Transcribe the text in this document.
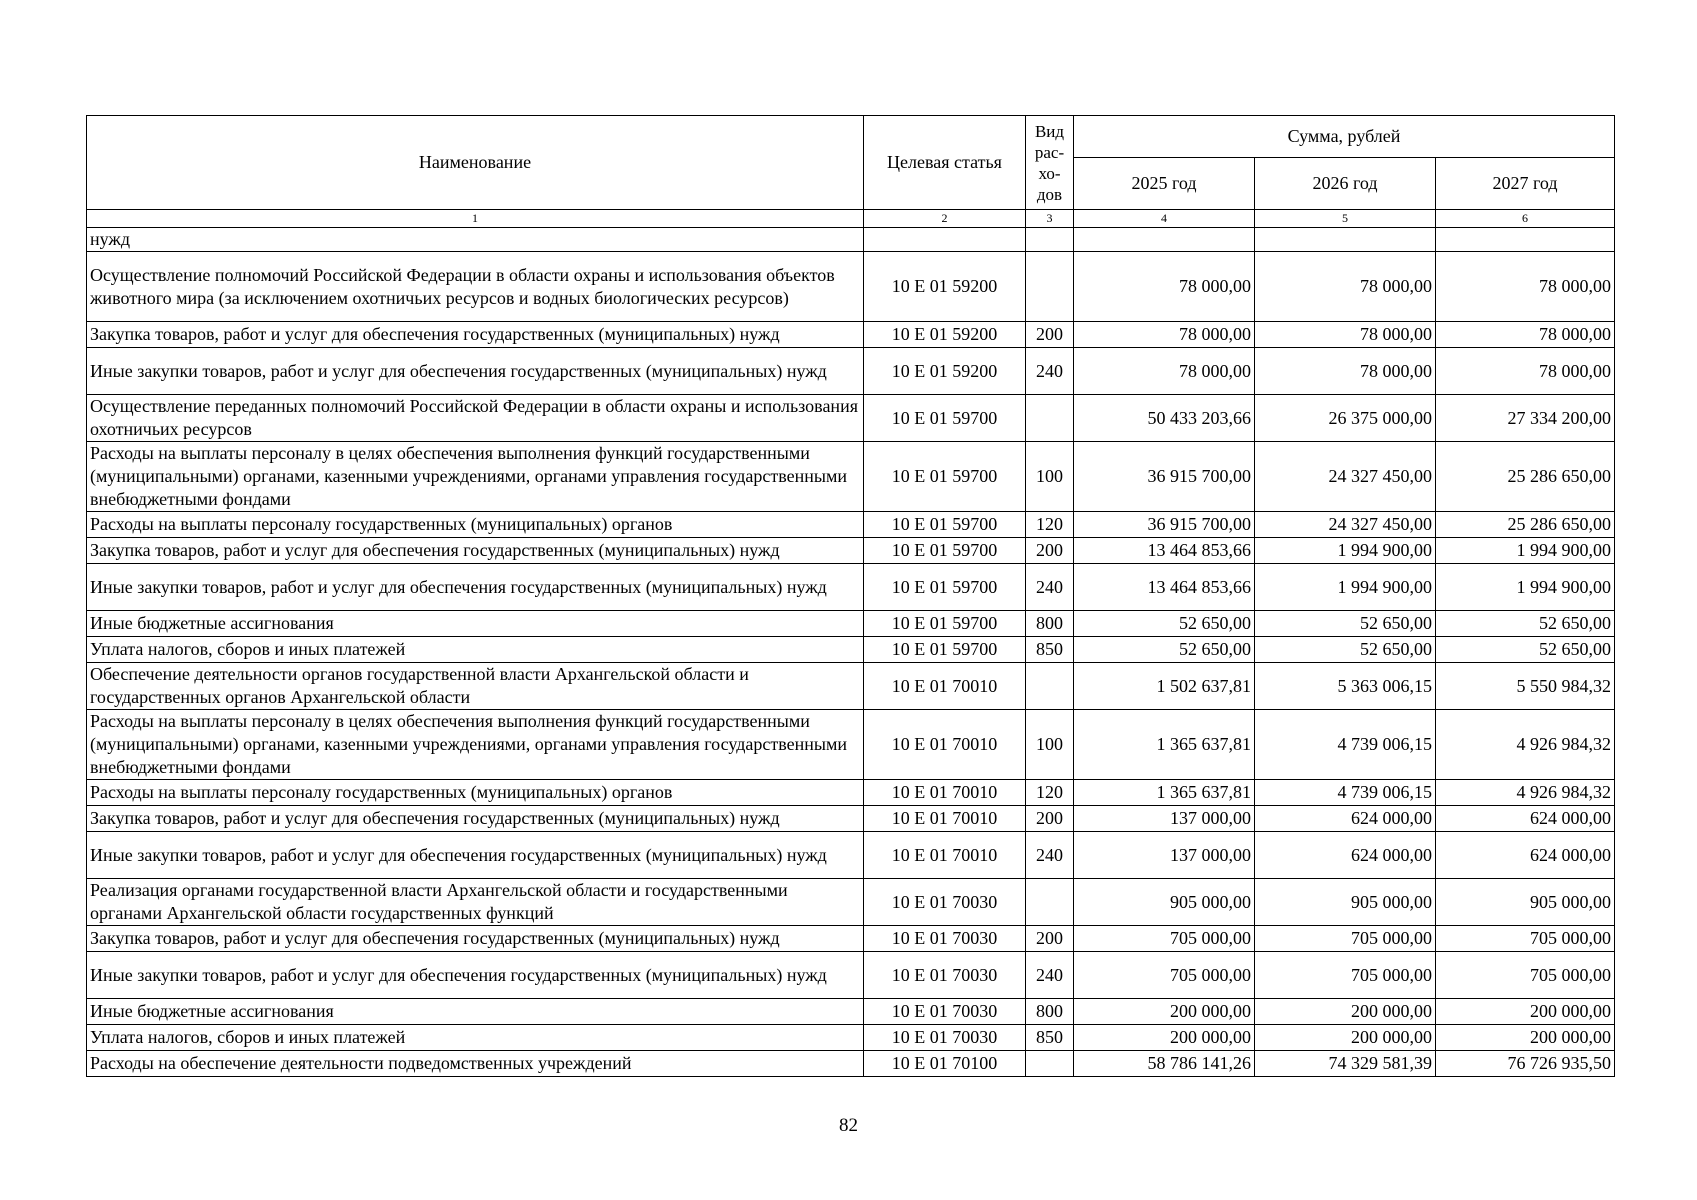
Наименование	Целевая статья	Вид рас-хо-дов	Сумма, рублей		
			2025 год	2026 год	2027 год
1	2	3	4	5	6
нужд					
Осуществление полномочий Российской Федерации в области охраны и использования объектов животного мира (за исключением охотничьих ресурсов и водных биологических ресурсов)	10 Е 01 59200		78 000,00	78 000,00	78 000,00
Закупка товаров, работ и услуг для обеспечения государственных (муниципальных) нужд	10 Е 01 59200	200	78 000,00	78 000,00	78 000,00
Иные закупки товаров, работ и услуг для обеспечения государственных (муниципальных) нужд	10 Е 01 59200	240	78 000,00	78 000,00	78 000,00
Осуществление переданных полномочий Российской Федерации в области охраны и использования охотничьих ресурсов	10 Е 01 59700		50 433 203,66	26 375 000,00	27 334 200,00
Расходы на выплаты персоналу в целях обеспечения выполнения функций государственными (муниципальными) органами, казенными учреждениями, органами управления государственными внебюджетными фондами	10 Е 01 59700	100	36 915 700,00	24 327 450,00	25 286 650,00
Расходы на выплаты персоналу государственных (муниципальных) органов	10 Е 01 59700	120	36 915 700,00	24 327 450,00	25 286 650,00
Закупка товаров, работ и услуг для обеспечения государственных (муниципальных) нужд	10 Е 01 59700	200	13 464 853,66	1 994 900,00	1 994 900,00
Иные закупки товаров, работ и услуг для обеспечения государственных (муниципальных) нужд	10 Е 01 59700	240	13 464 853,66	1 994 900,00	1 994 900,00
Иные бюджетные ассигнования	10 Е 01 59700	800	52 650,00	52 650,00	52 650,00
Уплата налогов, сборов и иных платежей	10 Е 01 59700	850	52 650,00	52 650,00	52 650,00
Обеспечение деятельности органов государственной власти Архангельской области и государственных органов Архангельской области	10 Е 01 70010		1 502 637,81	5 363 006,15	5 550 984,32
Расходы на выплаты персоналу в целях обеспечения выполнения функций государственными (муниципальными) органами, казенными учреждениями, органами управления государственными внебюджетными фондами	10 Е 01 70010	100	1 365 637,81	4 739 006,15	4 926 984,32
Расходы на выплаты персоналу государственных (муниципальных) органов	10 Е 01 70010	120	1 365 637,81	4 739 006,15	4 926 984,32
Закупка товаров, работ и услуг для обеспечения государственных (муниципальных) нужд	10 Е 01 70010	200	137 000,00	624 000,00	624 000,00
Иные закупки товаров, работ и услуг для обеспечения государственных (муниципальных) нужд	10 Е 01 70010	240	137 000,00	624 000,00	624 000,00
Реализация органами государственной власти Архангельской области и государственными органами Архангельской области государственных функций	10 Е 01 70030		905 000,00	905 000,00	905 000,00
Закупка товаров, работ и услуг для обеспечения государственных (муниципальных) нужд	10 Е 01 70030	200	705 000,00	705 000,00	705 000,00
Иные закупки товаров, работ и услуг для обеспечения государственных (муниципальных) нужд	10 Е 01 70030	240	705 000,00	705 000,00	705 000,00
Иные бюджетные ассигнования	10 Е 01 70030	800	200 000,00	200 000,00	200 000,00
Уплата налогов, сборов и иных платежей	10 Е 01 70030	850	200 000,00	200 000,00	200 000,00
Расходы на обеспечение деятельности подведомственных учреждений	10 Е 01 70100		58 786 141,26	74 329 581,39	76 726 935,50
82
